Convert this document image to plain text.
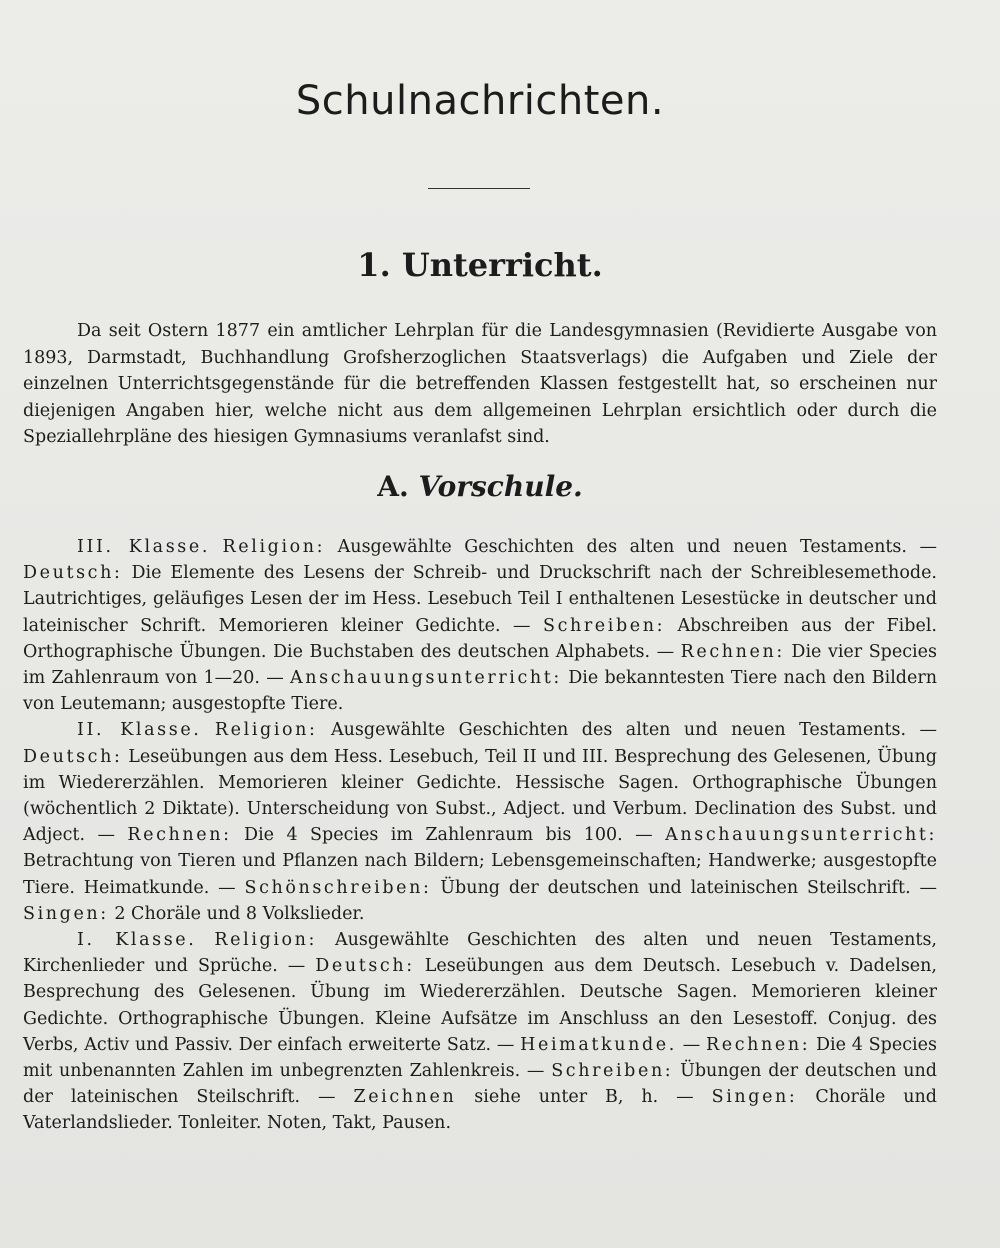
Schulnachrichten.
1. Unterricht.

Da seit Ostern 1877 ein amtlicher Lehrplan für die Landesgymnasien (Revidierte Ausgabe von 1893, Darmstadt, Buchhandlung Grofsherzoglichen Staatsverlags) die Aufgaben und Ziele der einzelnen Unterrichtsgegenstände für die betreffenden Klassen festgestellt hat, so erscheinen nur diejenigen Angaben hier, welche nicht aus dem allgemeinen Lehrplan ersichtlich oder durch die Speziallehrpläne des hiesigen Gymnasiums veranlafst sind.

A. Vorschule.

III. Klasse. Religion: Ausgewählte Geschichten des alten und neuen Testaments. — Deutsch: Die Elemente des Lesens der Schreib- und Druckschrift nach der Schreiblesemethode. Lautrichtiges, geläufiges Lesen der im Hess. Lesebuch Teil I enthaltenen Lesestücke in deutscher und lateinischer Schrift. Memorieren kleiner Gedichte. — Schreiben: Abschreiben aus der Fibel. Orthographische Übungen. Die Buchstaben des deutschen Alphabets. — Rechnen: Die vier Species im Zahlenraum von 1—20. — Anschauungsunterricht: Die bekanntesten Tiere nach den Bildern von Leutemann; ausgestopfte Tiere.

II. Klasse. Religion: Ausgewählte Geschichten des alten und neuen Testaments. — Deutsch: Leseübungen aus dem Hess. Lesebuch, Teil II und III. Besprechung des Gelesenen, Übung im Wiedererzählen. Memorieren kleiner Gedichte. Hessische Sagen. Orthographische Übungen (wöchentlich 2 Diktate). Unterscheidung von Subst., Adject. und Verbum. Declination des Subst. und Adject. — Rechnen: Die 4 Species im Zahlenraum bis 100. — Anschauungsunterricht: Betrachtung von Tieren und Pflanzen nach Bildern; Lebensgemeinschaften; Handwerke; ausgestopfte Tiere. Heimatkunde. — Schönschreiben: Übung der deutschen und lateinischen Steilschrift. — Singen: 2 Choräle und 8 Volkslieder.

I. Klasse. Religion: Ausgewählte Geschichten des alten und neuen Testaments, Kirchenlieder und Sprüche. — Deutsch: Leseübungen aus dem Deutsch. Lesebuch v. Dadelsen, Besprechung des Gelesenen. Übung im Wiedererzählen. Deutsche Sagen. Memorieren kleiner Gedichte. Orthographische Übungen. Kleine Aufsätze im Anschluss an den Lesestoff. Conjug. des Verbs, Activ und Passiv. Der einfach erweiterte Satz. — Heimatkunde. — Rechnen: Die 4 Species mit unbenannten Zahlen im unbegrenzten Zahlenkreis. — Schreiben: Übungen der deutschen und der lateinischen Steilschrift. — Zeichnen siehe unter B, h. — Singen: Choräle und Vaterlandslieder. Tonleiter. Noten, Takt, Pausen.
